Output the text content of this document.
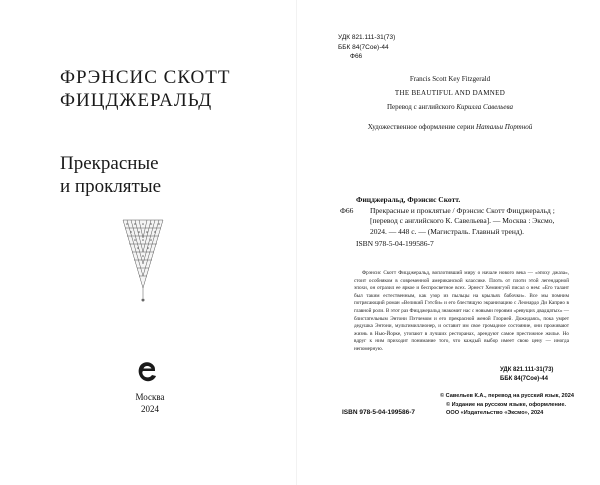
ФРЭНСИС СКОТТ
ФИЦДЖЕРАЛЬД
Прекрасные
и проклятые
Москва
2024
УДК 821.111-31(73)
ББК 84(7Сое)-44
Ф66
Francis Scott Key Fitzgerald
THE BEAUTIFUL AND DAMNED
Перевод с английского Кирилла Савельева
Художественное оформление серии Натальи Портной
Фицджеральд, Фрэнсис Скотт.
Ф66	Прекрасные и проклятые / Фрэнсис Скотт Фицджеральд ; [перевод с английского К. Савельева]. — Москва : Эксмо, 2024. — 448 с. — (Магистраль. Главный тренд).
ISBN 978-5-04-199586-7
Фрэнсис Скотт Фицджеральд, воплотивший миру о начале нового века — «эпоху джаза», стоит особняком в современной американской классике. Плоть от плоти этой легендарной эпохи, он отразил ее яркое и беспросветное всех. Эрнест Хемингуэй писал о нем: «Его талант был таким естественным, как узор из пыльцы на крыльях бабочки». Все мы помним потрясающий роман «Великий Гэтсби» и его блестящую экранизацию с Леонардо Ди Каприо в главной роли. В этот раз Фицджеральд знакомит нас с новыми героями «ревущих двадцатых» — блистательным Энтони Пэтчемом и его прекрасной женой Глорией. Дожидаясь, пока умрет дедушка Энтони, мультимиллионер, и оставит им свое громадное состояние, они проживают жизнь в Нью-Йорке, утопают в лучших ресторанах, арендуют самое престижное жилье. Но вдруг к ним приходит понимание того, что каждый выбор имеет свою цену — иногда непомерную.
УДК 821.111-31(73)
ББК 84(7Сое)-44
© Савельев К.А., перевод на русский язык, 2024
© Издание на русском языке, оформление.
ООО «Издательство «Эксмо», 2024
ISBN 978-5-04-199586-7
